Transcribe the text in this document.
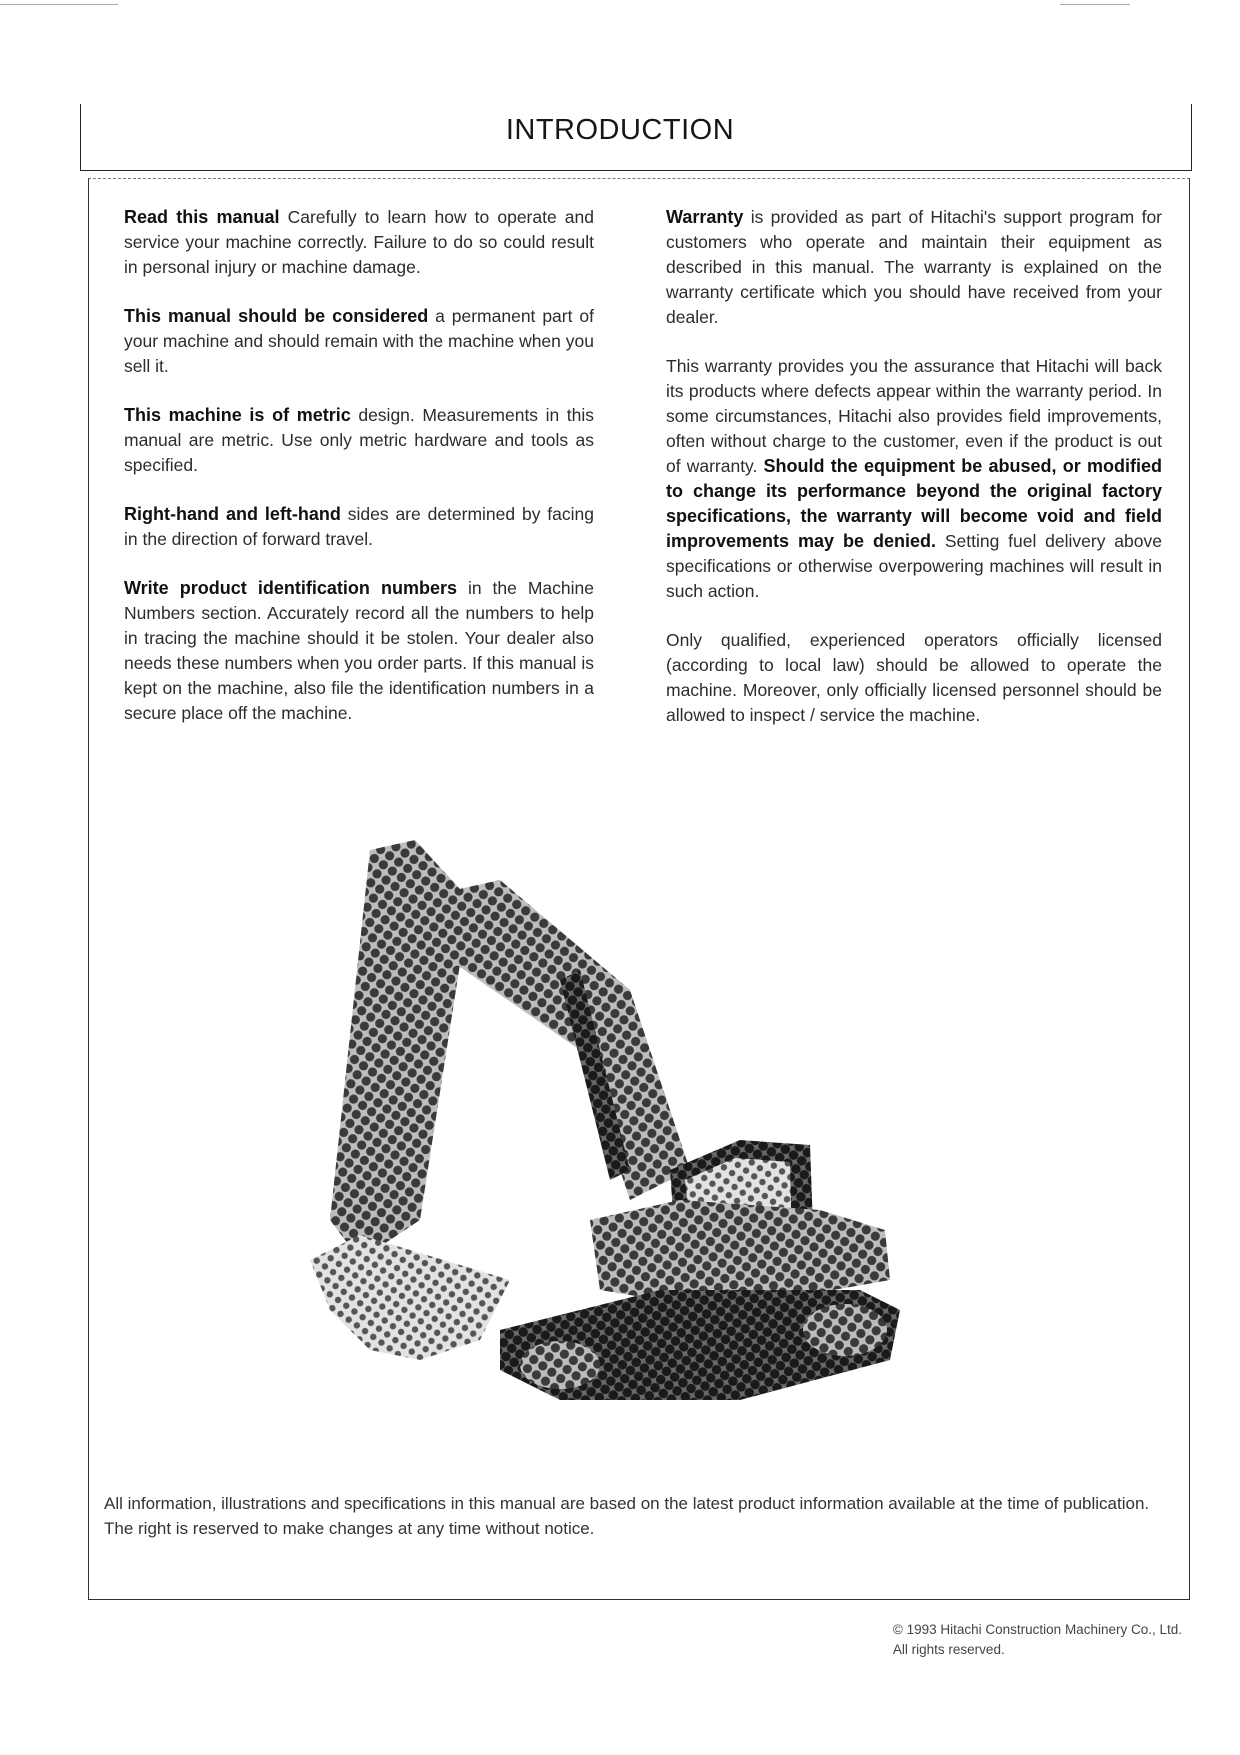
INTRODUCTION

Read this manual Carefully to learn how to operate and service your machine correctly. Failure to do so could result in personal injury or machine damage.

This manual should be considered a permanent part of your machine and should remain with the machine when you sell it.

This machine is of metric design. Measurements in this manual are metric. Use only metric hardware and tools as specified.

Right-hand and left-hand sides are determined by facing in the direction of forward travel.

Write product identification numbers in the Machine Numbers section. Accurately record all the numbers to help in tracing the machine should it be stolen. Your dealer also needs these numbers when you order parts. If this manual is kept on the machine, also file the identification numbers in a secure place off the machine.

Warranty is provided as part of Hitachi's support program for customers who operate and maintain their equipment as described in this manual. The warranty is explained on the warranty certificate which you should have received from your dealer.

This warranty provides you the assurance that Hitachi will back its products where defects appear within the warranty period. In some circumstances, Hitachi also provides field improvements, often without charge to the customer, even if the product is out of warranty. Should the equipment be abused, or modified to change its performance beyond the original factory specifications, the warranty will become void and field improvements may be denied. Setting fuel delivery above specifications or otherwise overpowering machines will result in such action.

Only qualified, experienced operators officially licensed (according to local law) should be allowed to operate the machine. Moreover, only officially licensed personnel should be allowed to inspect / service the machine.

All information, illustrations and specifications in this manual are based on the latest product information available at the time of publication. The right is reserved to make changes at any time without notice.
© 1993 Hitachi Construction Machinery Co., Ltd.
All rights reserved.
